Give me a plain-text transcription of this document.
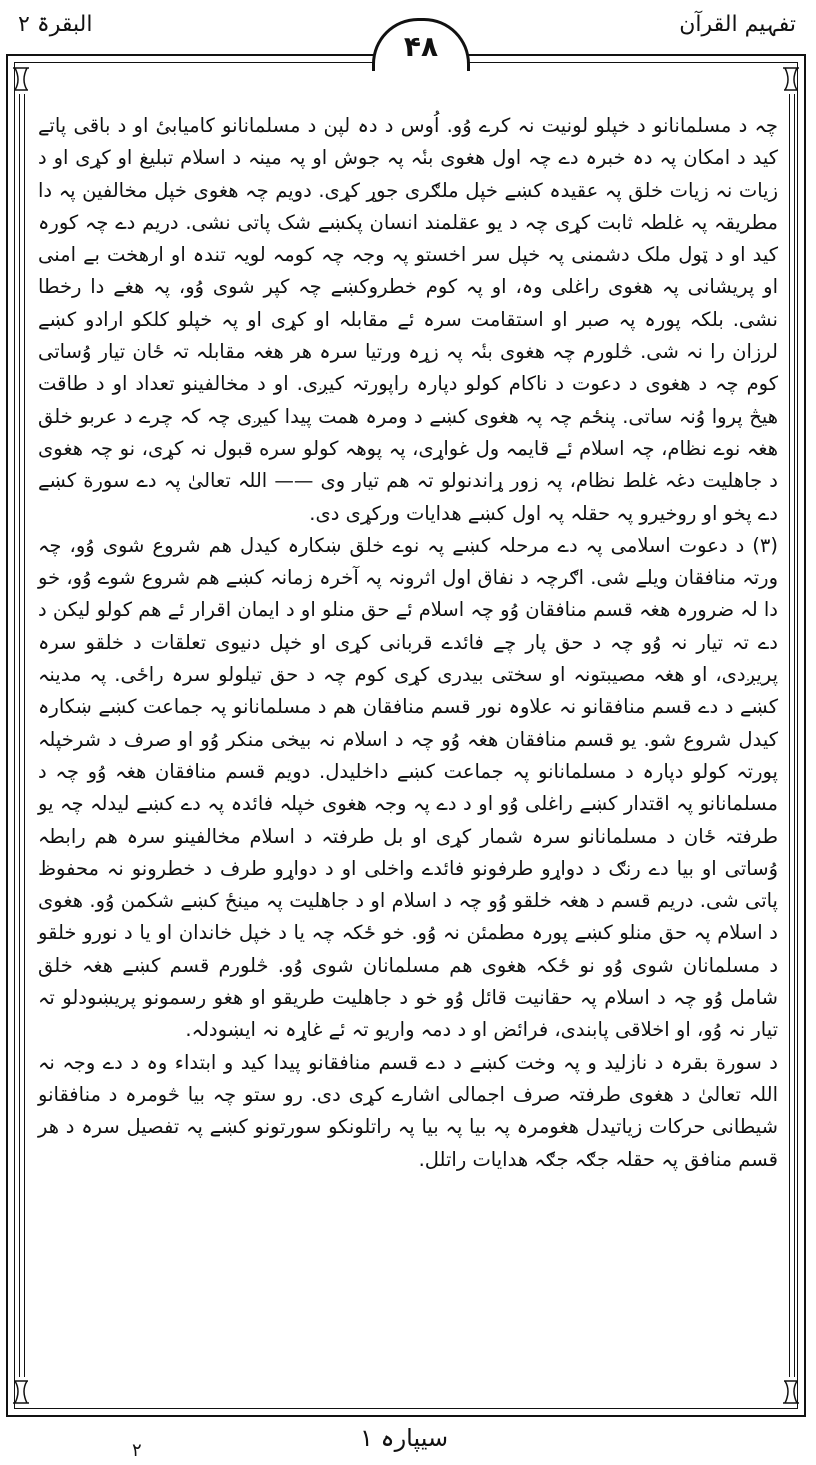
تفہیم القرآن
البقرۃ ۲
۴۸

چہ د مسلمانانو د خپلو لونیت نہ کرے وُو. اُوس د دہ لپن د مسلمانانو کامیابیٔ او د باقی پاتے کید د امکان پہ دہ خبرہ دے چہ اول هغوی بنٔہ پہ جوش او پہ مینہ د اسلام تبلیغ او کړی او د زیات نہ زیات خلق پہ عقیدہ کښے خپل ملګری جوړ کړی. دویم چہ هغوی خپل مخالفین پہ دا مطریقہ پہ غلطہ ثابت کړی چہ د یو عقلمند انسان پکښے شک پاتی نشی. دریم دے چہ کورہ کید او د ټول ملک دشمنی پہ خپل سر اخستو پہ وجہ چہ کومہ لویہ تندہ او ارهخت بے امنی او پریشانی پہ هغوی راغلی وہ، او پہ کوم خطروکښے چہ کپر شوی وُو، پہ هغے دا رخطا نشی. بلکہ پورہ پہ صبر او استقامت سرہ ئے مقابلہ او کړی او پہ خپلو کلکو ارادو کښے لرزان را نہ شی. څلورم چہ هغوی بنٔہ پہ زړہ ورتیا سرہ هر هغہ مقابلہ تہ ځان تیار وُساتی کوم چہ د هغوی د دعوت د ناکام کولو دپارہ راپورتہ کیږی. او د مخالفینو تعداد او د طاقت هیڅ پروا وُنہ ساتی. پنځم چہ پہ هغوی کښے د ومرہ همت پیدا کیږی چہ کہ چرے د عربو خلق هغہ نوے نظام، چہ اسلام ئے قایمہ ول غواړی، پہ پوهہ کولو سره قبول نہ کړی، نو چہ هغوی د جاهلیت دغہ غلط نظام، پہ زور ړاندنولو تہ هم تیار وی —— اللہ تعالیٰ پہ دے سورة کښے دے پخو او روخیرو پہ حقلہ پہ اول کښے هدایات ورکړی دی.

(۳) د دعوت اسلامی پہ دے مرحلہ کښے پہ نوے خلق ښکارہ کیدل هم شروع شوی وُو، چہ ورتہ منافقان ویلے شی. اګرچہ د نفاق اول اثرونہ پہ آخرہ زمانہ کښے هم شروع شوے وُو، خو دا لہ ضرورہ هغہ قسم منافقان وُو چہ اسلام ئے حق منلو او د ایمان اقرار ئے هم کولو لیکن د دے تہ تیار نہ وُو چہ د حق پار چے فائدے قربانی کړی او خپل دنیوی تعلقات د خلقو سرہ پریږدی، او هغہ مصیبتونہ او سختی بیدری کړی کوم چہ د حق تیلولو سرہ راځی. پہ مدینہ کښے د دے قسم منافقانو نہ علاوہ نور قسم منافقان هم د مسلمانانو پہ جماعت کښے ښکارہ کیدل شروع شو. یو قسم منافقان هغہ وُو چہ د اسلام نہ بیخی منکر وُو او صرف د شرخپلہ پورتہ کولو دپارہ د مسلمانانو پہ جماعت کښے داخلیدل. دویم قسم منافقان هغہ وُو چہ د مسلمانانو پہ اقتدار کښے راغلی وُو او د دے پہ وجہ هغوی خپلہ فائدہ پہ دے کښے لیدلہ چہ یو طرفتہ ځان د مسلمانانو سرہ شمار کړی او بل طرفتہ د اسلام مخالفینو سرہ هم رابطہ وُساتی او بیا دے رنګ د دواړو طرفونو فائدے واخلی او د دواړو طرف د خطرونو نہ محفوظ پاتی شی. دریم قسم د هغہ خلقو وُو چہ د اسلام او د جاهلیت پہ مینځ کښے شکمن وُو. هغوی د اسلام پہ حق منلو کښے پورہ مطمئن نہ وُو. خو ځکہ چہ یا د خپل خاندان او یا د نورو خلقو د مسلمانان شوی وُو نو ځکہ هغوی هم مسلمانان شوی وُو. څلورم قسم کښے هغہ خلق شامل وُو چہ د اسلام پہ حقانیت قائل وُو خو د جاهلیت طریقو او هغو رسمونو پریښودلو تہ تیار نہ وُو، او اخلاقی پابندی، فرائض او د دمہ واریو تہ ئے غاړہ نہ ایښودلہ.

د سورة بقرہ د نازلید و پہ وخت کښے د دے قسم منافقانو پیدا کید و ابتداء وہ د دے وجہ نہ اللہ تعالیٰ د هغوی طرفتہ صرف اجمالی اشارے کړی دی. رو ستو چہ بیا څومرہ د منافقانو شیطانی حرکات زیاتیدل هغومرہ پہ بیا پہ بیا پہ راتلونکو سورتونو کښے پہ تفصیل سرہ د هر قسم منافق پہ حقلہ جګہ جګہ هدایات راتلل.

سیپارہ ۱
۲
